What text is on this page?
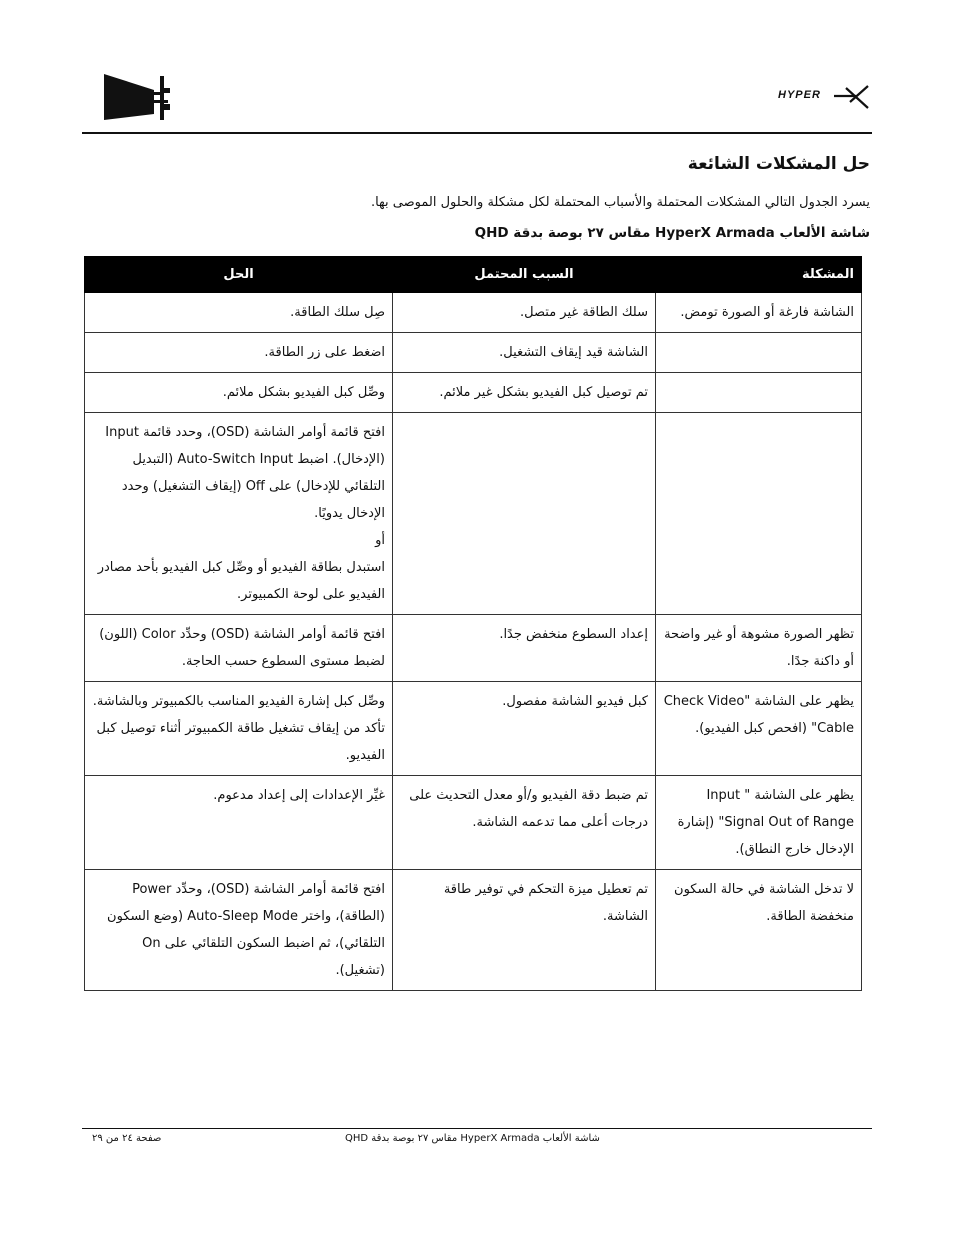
HYPER
حل المشكلات الشائعة

يسرد الجدول التالي المشكلات المحتملة والأسباب المحتملة لكل مشكلة والحلول الموصى بها.

شاشة الألعاب HyperX Armada مقاس ٢٧ بوصة بدقة QHD

المشكلة	السبب المحتمل	الحل
الشاشة فارغة أو الصورة تومض.	سلك الطاقة غير متصل.	صِل سلك الطاقة.

	الشاشة قيد إيقاف التشغيل.	اضغط على زر الطاقة.

	تم توصيل كبل الفيديو بشكل غير ملائم.	وصِّل كبل الفيديو بشكل ملائم.

		افتح قائمة أوامر الشاشة (OSD)، وحدد قائمة Input (الإدخال). اضبط Auto-Switch Input (التبديل التلقائي للإدخال) على Off (إيقاف التشغيل) وحدد الإدخال يدويًا.
أو
استبدل بطاقة الفيديو أو وصِّل كبل الفيديو بأحد مصادر الفيديو على لوحة الكمبيوتر.

تظهر الصورة مشوهة أو غير واضحة أو داكنة جدًا.	إعداد السطوع منخفض جدًا.	افتح قائمة أوامر الشاشة (OSD) وحدِّد Color (اللون) لضبط مستوى السطوع حسب الحاجة.

يظهر على الشاشة "Check Video Cable" (افحص كبل الفيديو).	كبل فيديو الشاشة مفصول.	وصِّل كبل إشارة الفيديو المناسب بالكمبيوتر وبالشاشة. تأكد من إيقاف تشغيل طاقة الكمبيوتر أثناء توصيل كبل الفيديو.

يظهر على الشاشة " Input Signal Out of Range" (إشارة الإدخال خارج النطاق).	تم ضبط دقة الفيديو و/أو معدل التحديث على درجات أعلى مما تدعمه الشاشة.	غيِّر الإعدادات إلى إعداد مدعوم.

لا تدخل الشاشة في حالة السكون منخفضة الطاقة.	تم تعطيل ميزة التحكم في توفير طاقة الشاشة.	افتح قائمة أوامر الشاشة (OSD)، وحدِّد Power (الطاقة)، واختر Auto-Sleep Mode (وضع السكون التلقائي)، ثم اضبط السكون التلقائي على On (تشغيل).

شاشة الألعاب HyperX Armada مقاس ٢٧ بوصة بدقة QHD

صفحة ٢٤ من ٢٩
